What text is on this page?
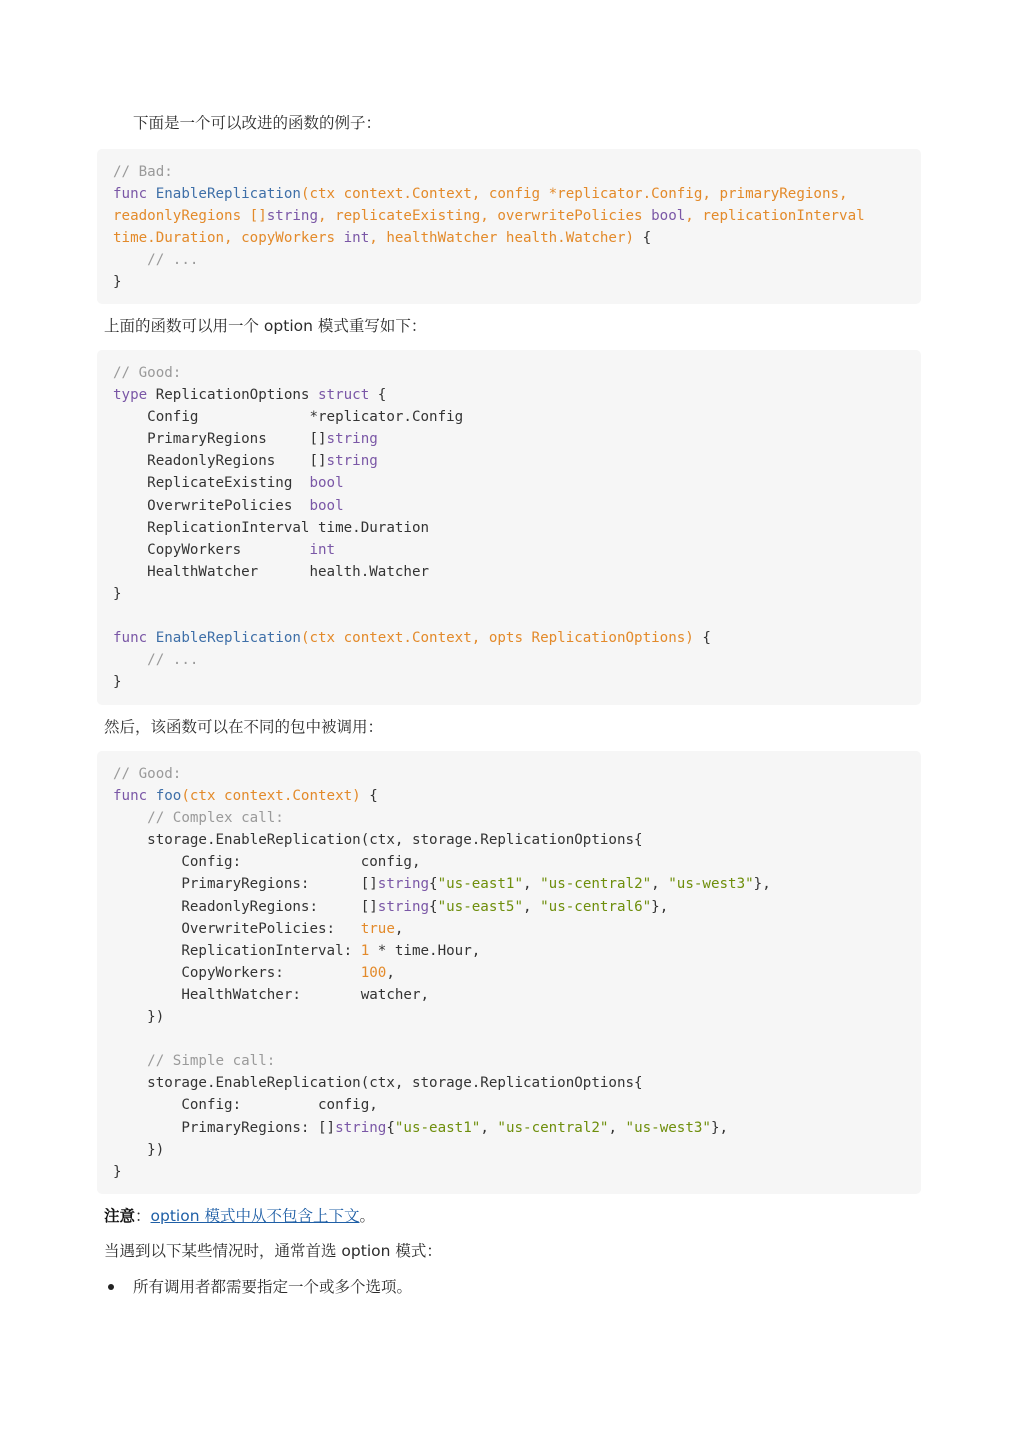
下面是一个可以改进的函数的例子：
// Bad:
func EnableReplication(ctx context.Context, config *replicator.Config, primaryRegions,
readonlyRegions []string, replicateExisting, overwritePolicies bool, replicationInterval
time.Duration, copyWorkers int, healthWatcher health.Watcher) {
// ...
}
上面的函数可以用一个 option 模式重写如下：
// Good:
type ReplicationOptions struct {
Config             *replicator.Config
PrimaryRegions     []string
ReadonlyRegions    []string
ReplicateExisting  bool
OverwritePolicies  bool
ReplicationInterval time.Duration
CopyWorkers        int
HealthWatcher      health.Watcher
}

func EnableReplication(ctx context.Context, opts ReplicationOptions) {
// ...
}
然后，该函数可以在不同的包中被调用：
// Good:
func foo(ctx context.Context) {
// Complex call:
storage.EnableReplication(ctx, storage.ReplicationOptions{
Config:              config,
PrimaryRegions:      []string{"us-east1", "us-central2", "us-west3"},
ReadonlyRegions:     []string{"us-east5", "us-central6"},
OverwritePolicies:   true,
ReplicationInterval: 1 * time.Hour,
CopyWorkers:         100,
HealthWatcher:       watcher,
})

// Simple call:
storage.EnableReplication(ctx, storage.ReplicationOptions{
Config:         config,
PrimaryRegions: []string{"us-east1", "us-central2", "us-west3"},
})
}
注意：option 模式中从不包含上下文。
当遇到以下某些情况时，通常首选 option 模式：
所有调用者都需要指定一个或多个选项。
